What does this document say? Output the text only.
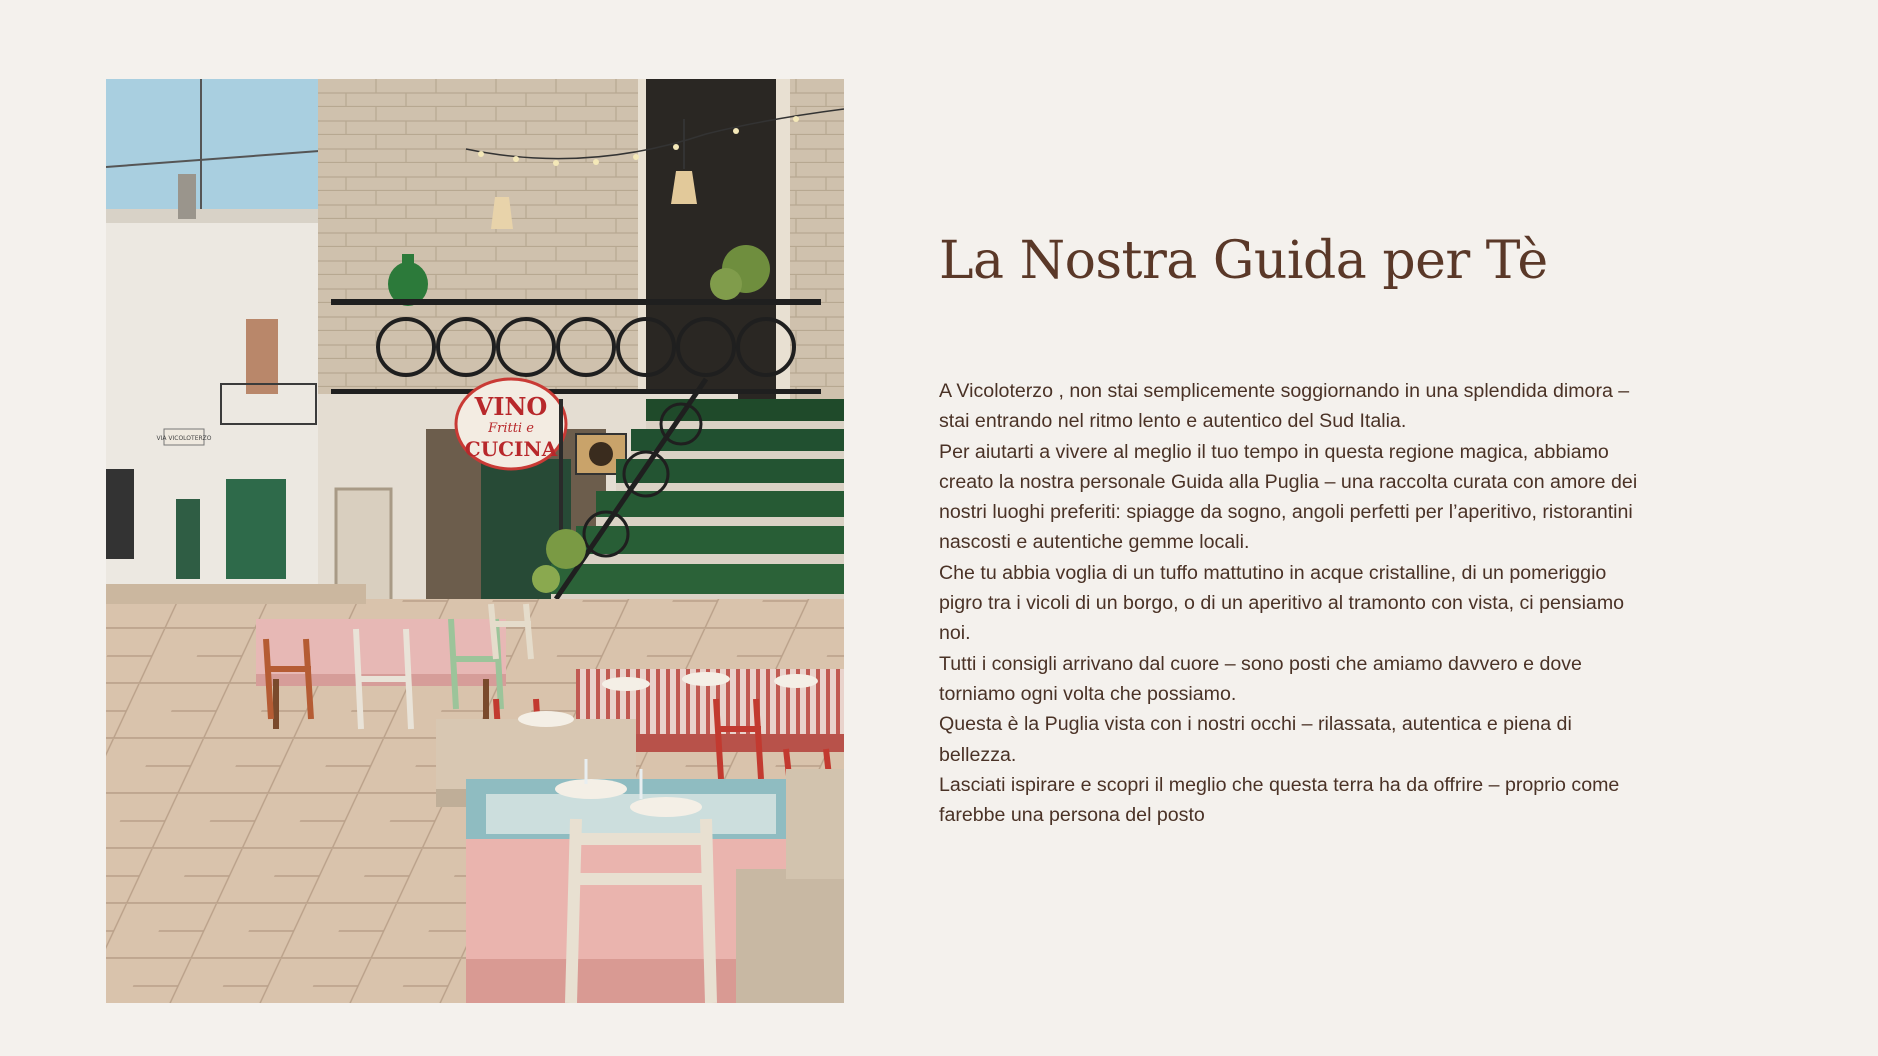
VIA VICOLOTERZO
VINO
Fritti e
CUCINA
La Nostra Guida per Tè

A Vicoloterzo , non stai semplicemente soggiornando in una splendida dimora – stai entrando nel ritmo lento e autentico del Sud Italia.

Per aiutarti a vivere al meglio il tuo tempo in questa regione magica, abbiamo creato la nostra personale Guida alla Puglia – una raccolta curata con amore dei nostri luoghi preferiti: spiagge da sogno, angoli perfetti per l’aperitivo, ristorantini nascosti e autentiche gemme locali.

Che tu abbia voglia di un tuffo mattutino in acque cristalline, di un pomeriggio pigro tra i vicoli di un borgo, o di un aperitivo al tramonto con vista, ci pensiamo noi.

Tutti i consigli arrivano dal cuore – sono posti che amiamo davvero e dove torniamo ogni volta che possiamo.

Questa è la Puglia vista con i nostri occhi – rilassata, autentica e piena di bellezza.

Lasciati ispirare e scopri il meglio che questa terra ha da offrire – proprio come farebbe una persona del posto
